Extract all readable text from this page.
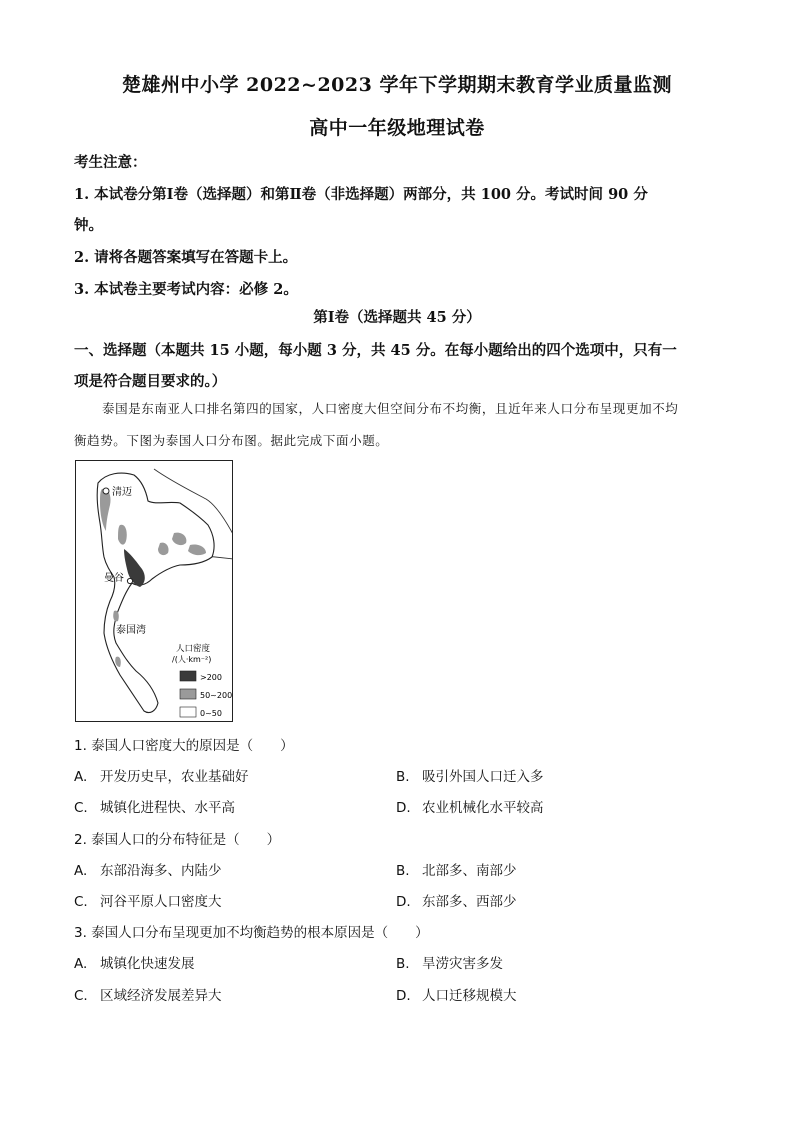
楚雄州中小学 2022~2023 学年下学期期末教育学业质量监测
高中一年级地理试卷
考生注意：
1. 本试卷分第Ⅰ卷（选择题）和第Ⅱ卷（非选择题）两部分，共 100 分。考试时间 90 分
钟。
2. 请将各题答案填写在答题卡上。
3. 本试卷主要考试内容：必修 2。
第Ⅰ卷（选择题共 45 分）
一、选择题（本题共 15 小题，每小题 3 分，共 45 分。在每小题给出的四个选项中，只有一
项是符合题目要求的。）
泰国是东南亚人口排名第四的国家，人口密度大但空间分布不均衡，且近年来人口分布呈现更加不均
衡趋势。下图为泰国人口分布图。据此完成下面小题。
清迈
曼谷
泰国湾
人口密度
/(人·km⁻²)
>200
50~200
0~50
1. 泰国人口密度大的原因是（　　）
A. 开发历史早，农业基础好	B. 吸引外国人口迁入多
C. 城镇化进程快、水平高	D. 农业机械化水平较高
2. 泰国人口的分布特征是（　　）
A. 东部沿海多、内陆少	B. 北部多、南部少
C. 河谷平原人口密度大	D. 东部多、西部少
3. 泰国人口分布呈现更加不均衡趋势的根本原因是（　　）
A. 城镇化快速发展	B. 旱涝灾害多发
C. 区域经济发展差异大	D. 人口迁移规模大
